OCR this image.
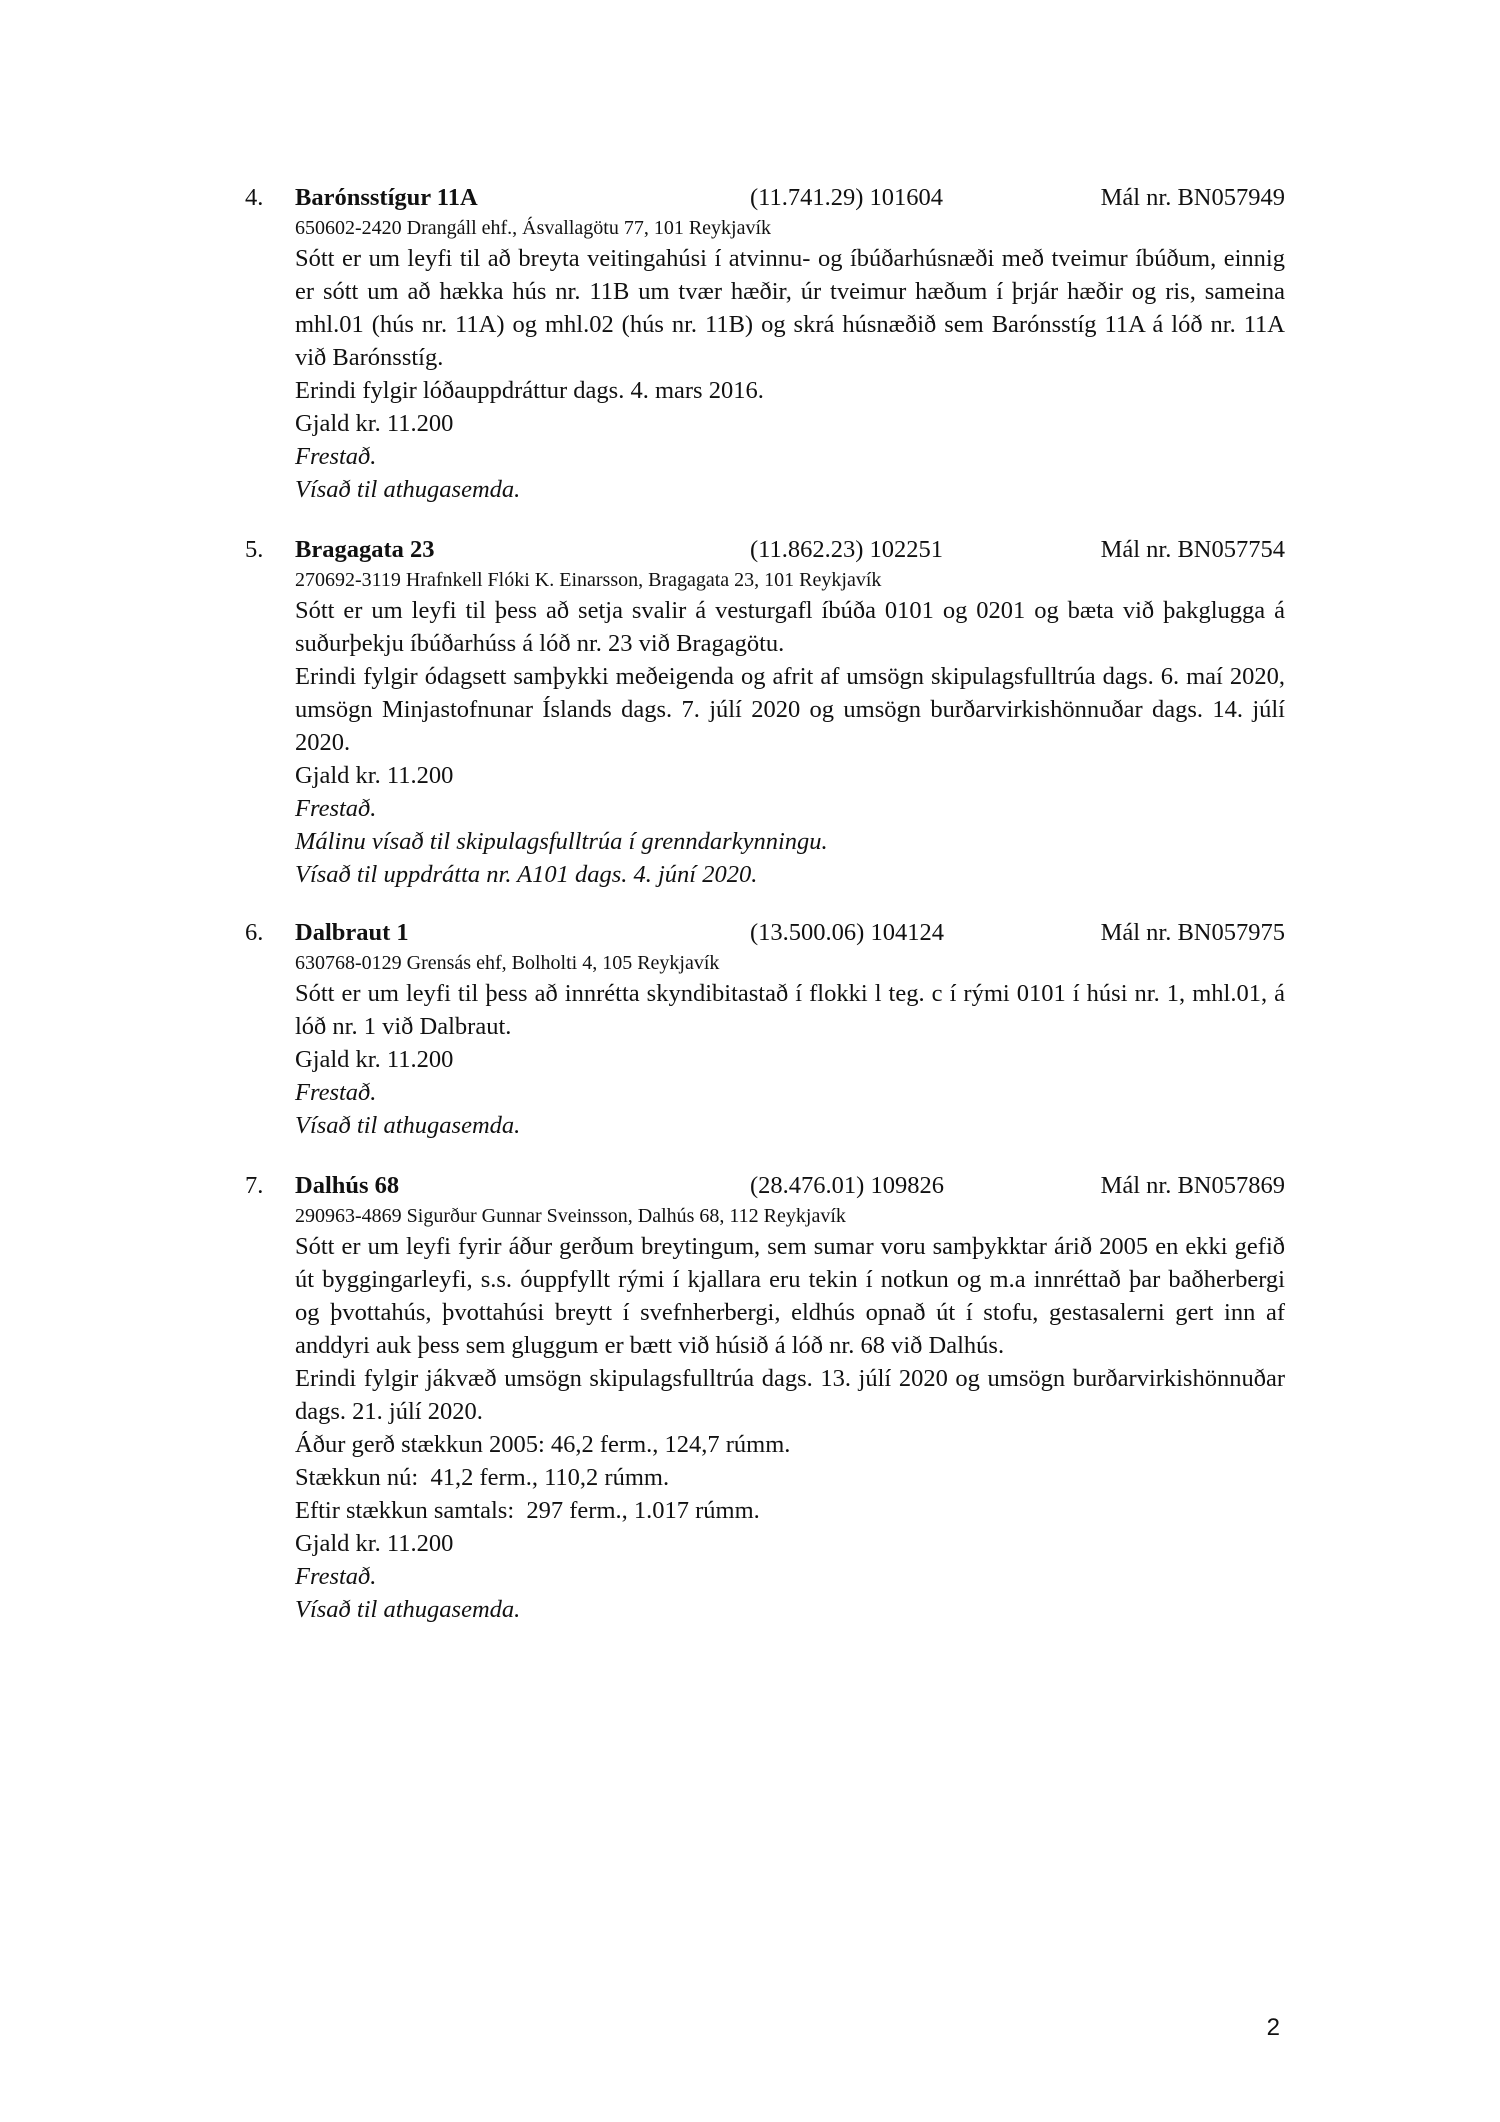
4. Barónsstígur 11A	(11.741.29) 101604	Mál nr. BN057949
650602-2420 Drangáll ehf., Ásvallagötu 77, 101 Reykjavík

Sótt er um leyfi til að breyta veitingahúsi í atvinnu- og íbúðarhúsnæði með tveimur íbúðum, einnig er sótt um að hækka hús nr. 11B um tvær hæðir, úr tveimur hæðum í þrjár hæðir og ris, sameina mhl.01 (hús nr. 11A) og mhl.02 (hús nr. 11B) og skrá húsnæðið sem Barónsstíg 11A á lóð nr. 11A við Barónsstíg.

Erindi fylgir lóðauppdráttur dags. 4. mars 2016.

Gjald kr. 11.200
Frestað.
Vísað til athugasemda.
5. Bragagata 23	(11.862.23) 102251	Mál nr. BN057754
270692-3119 Hrafnkell Flóki K. Einarsson, Bragagata 23, 101 Reykjavík

Sótt er um leyfi til þess að setja svalir á vesturgafl íbúða 0101 og 0201 og bæta við þakglugga á suðurþekju íbúðarhúss á lóð nr. 23 við Bragagötu.

Erindi fylgir ódagsett samþykki meðeigenda og afrit af umsögn skipulagsfulltrúa dags. 6. maí 2020, umsögn Minjastofnunar Íslands dags. 7. júlí 2020 og umsögn burðarvirkishönnuðar dags. 14. júlí 2020.

Gjald kr. 11.200
Frestað.
Málinu vísað til skipulagsfulltrúa í grenndarkynningu.
Vísað til uppdrátta nr. A101 dags. 4. júní 2020.
6. Dalbraut 1	(13.500.06) 104124	Mál nr. BN057975
630768-0129 Grensás ehf, Bolholti 4, 105 Reykjavík

Sótt er um leyfi til þess að innrétta skyndibitastað í flokki l teg. c í rými 0101 í húsi nr. 1, mhl.01, á lóð nr. 1 við Dalbraut.

Gjald kr. 11.200
Frestað.
Vísað til athugasemda.
7. Dalhús 68	(28.476.01) 109826	Mál nr. BN057869
290963-4869 Sigurður Gunnar Sveinsson, Dalhús 68, 112 Reykjavík

Sótt er um leyfi fyrir áður gerðum breytingum, sem sumar voru samþykktar árið 2005 en ekki gefið út byggingarleyfi, s.s. óuppfyllt rými í kjallara eru tekin í notkun og m.a innréttað þar baðherbergi og þvottahús, þvottahúsi breytt í svefnherbergi, eldhús opnað út í stofu, gestasalerni gert inn af anddyri auk þess sem gluggum er bætt við húsið á lóð nr. 68 við Dalhús.

Erindi fylgir jákvæð umsögn skipulagsfulltrúa dags. 13. júlí 2020 og umsögn burðarvirkishönnuðar dags. 21. júlí 2020.

Áður gerð stækkun 2005: 46,2 ferm., 124,7 rúmm.
Stækkun nú:  41,2 ferm., 110,2 rúmm.
Eftir stækkun samtals:  297 ferm., 1.017 rúmm.
Gjald kr. 11.200
Frestað.
Vísað til athugasemda.
2
